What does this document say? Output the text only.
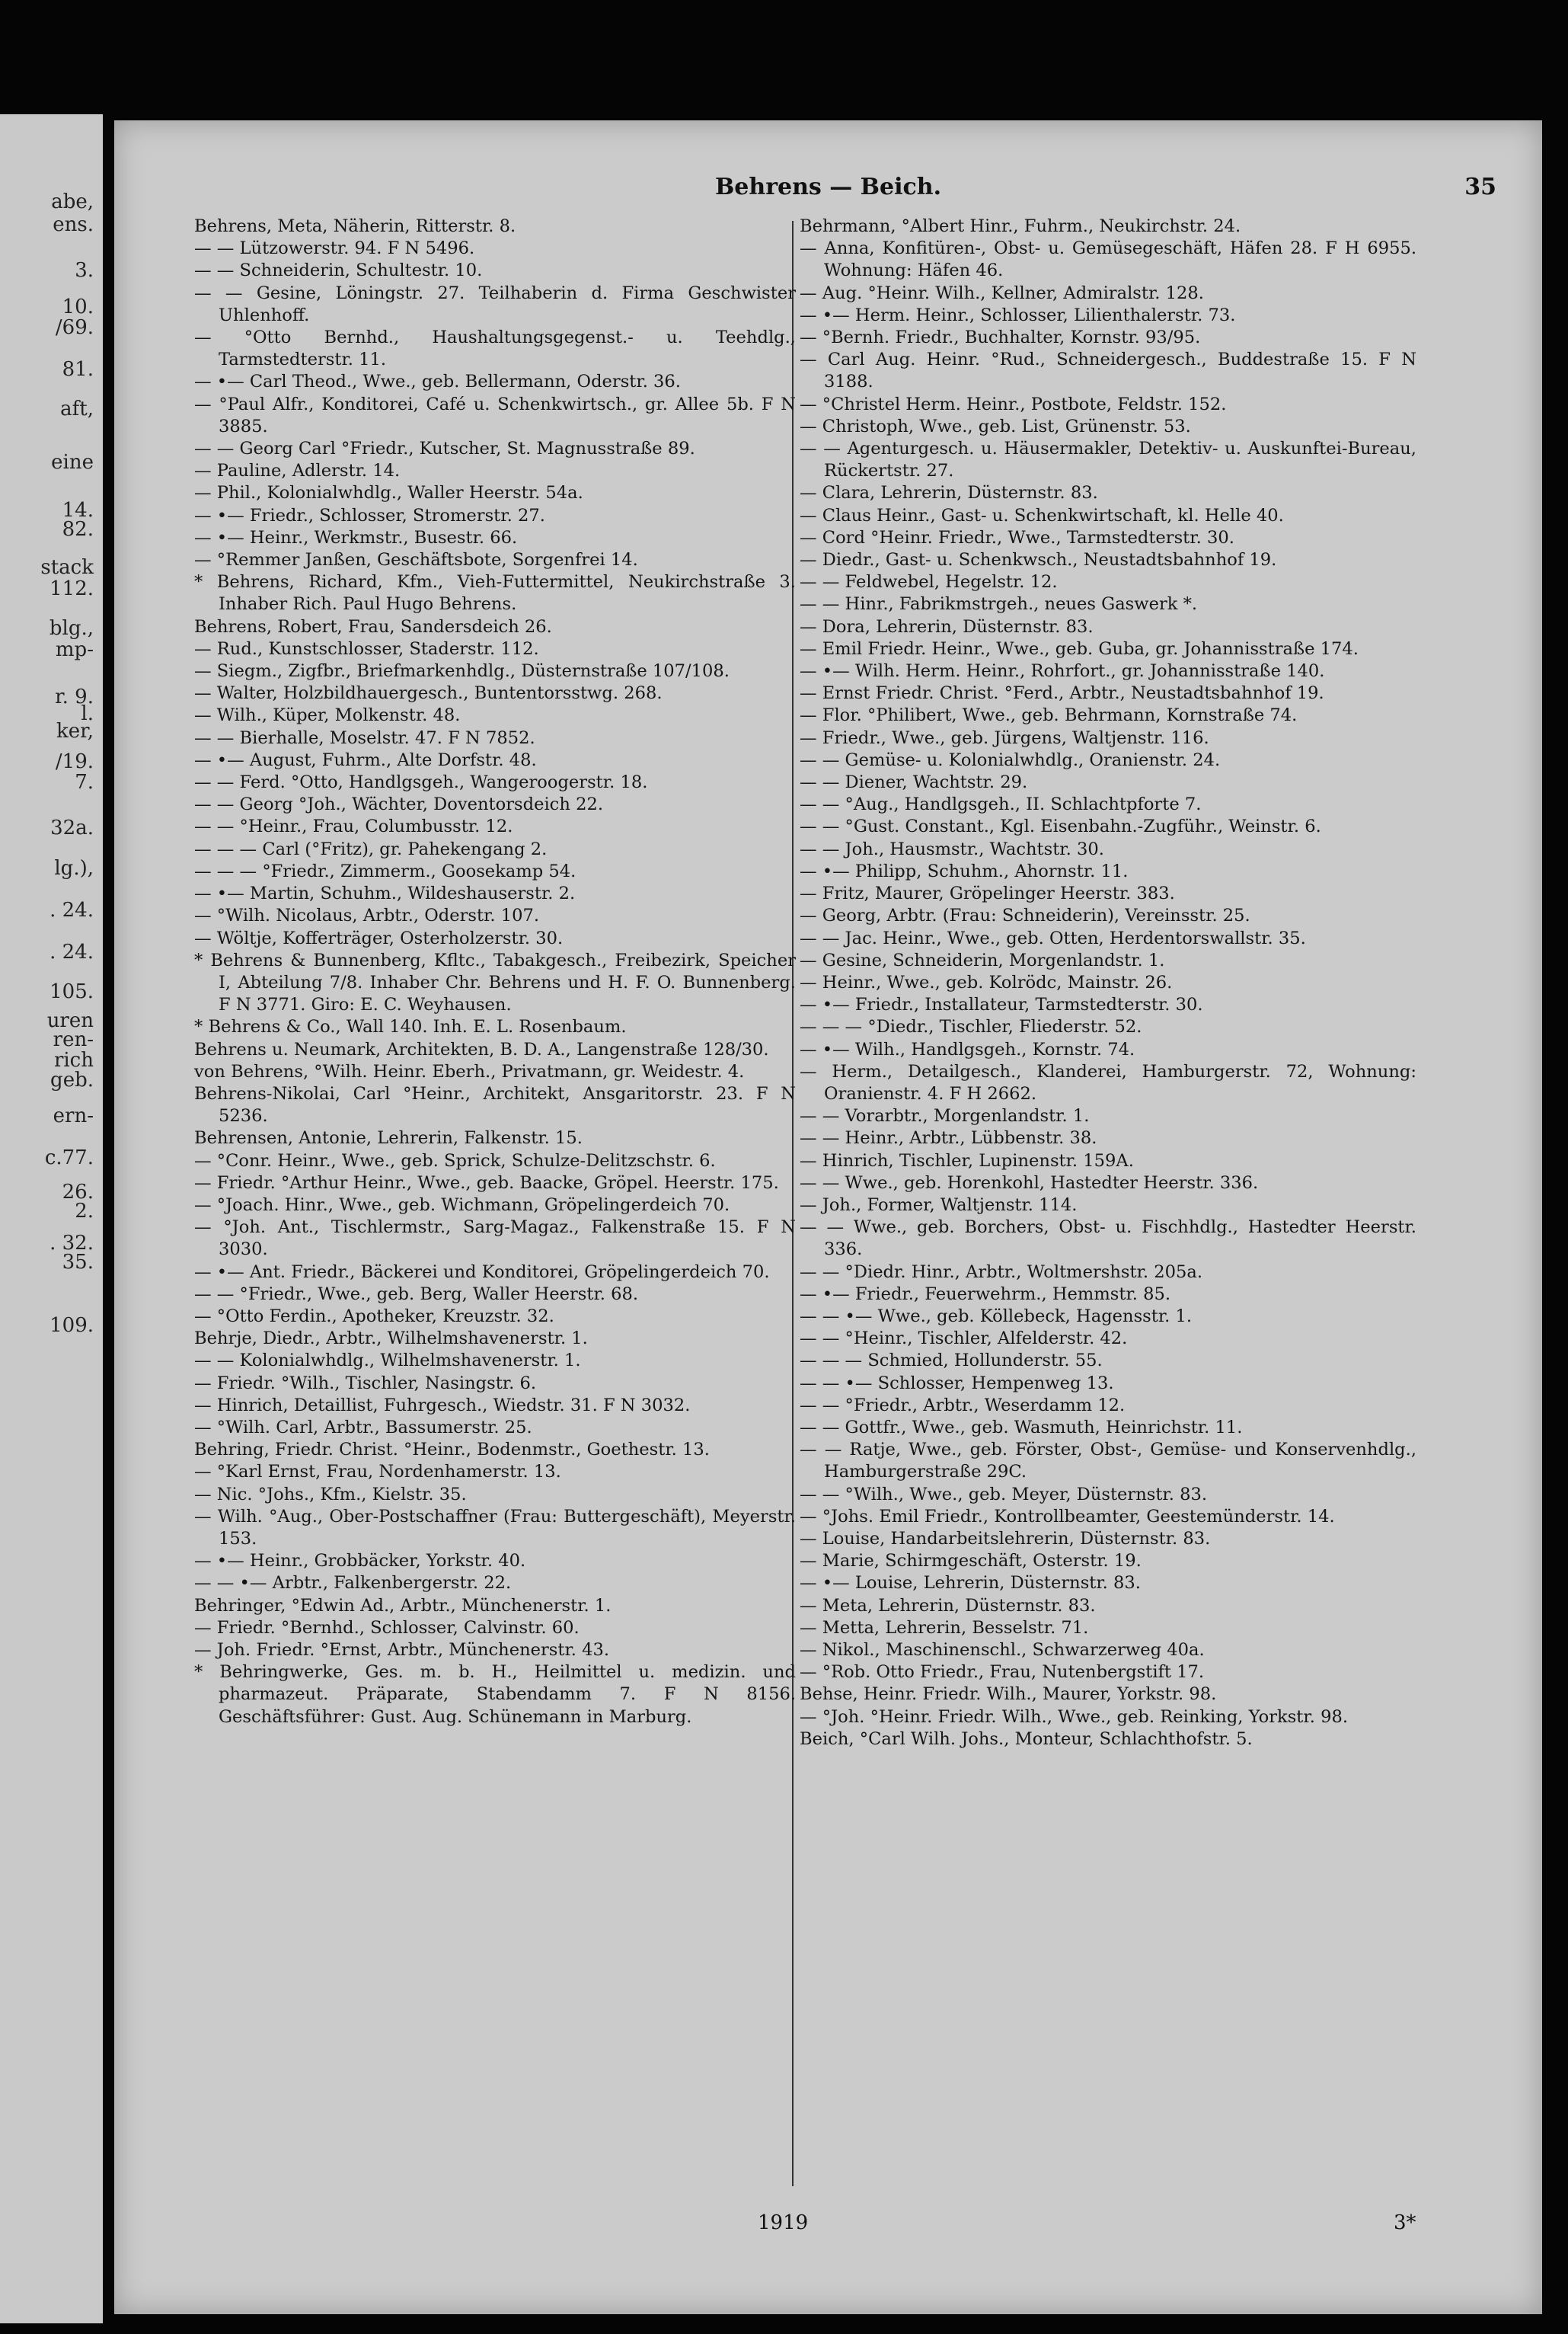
abe,
ens.
3.
10.
/69.
81.
aft,
eine
14.
82.
stack
112.
blg.,
mp-
r. 9.
l.
ker,
/19.
7.
32a.
lg.),
. 24.
. 24.
105.
uren
ren-
rich
geb.
ern-
c.77.
26.
2.
. 32.
35.
109.
Behrens — Beich.	35

Behrens, Meta, Näherin, Ritterstr. 8.

— — Lützowerstr. 94. F N 5496.

— — Schneiderin, Schultestr. 10.

— — Gesine, Löningstr. 27. Teilhaberin d. Firma Geschwister Uhlenhoff.

— °Otto Bernhd., Haushaltungsgegenst.- u. Teehdlg., Tarmstedterstr. 11.

— •— Carl Theod., Wwe., geb. Bellermann, Oderstr. 36.

— °Paul Alfr., Konditorei, Café u. Schenkwirtsch., gr. Allee 5b. F N 3885.

— — Georg Carl °Friedr., Kutscher, St. Magnusstraße 89.

— Pauline, Adlerstr. 14.

— Phil., Kolonialwhdlg., Waller Heerstr. 54a.

— •— Friedr., Schlosser, Stromerstr. 27.

— •— Heinr., Werkmstr., Busestr. 66.

— °Remmer Janßen, Geschäftsbote, Sorgenfrei 14.

* Behrens, Richard, Kfm., Vieh-Futtermittel, Neukirchstraße 3. Inhaber Rich. Paul Hugo Behrens.

Behrens, Robert, Frau, Sandersdeich 26.

— Rud., Kunstschlosser, Staderstr. 112.

— Siegm., Zigfbr., Briefmarkenhdlg., Düsternstraße 107/108.

— Walter, Holzbildhauergesch., Buntentorsstwg. 268.

— Wilh., Küper, Molkenstr. 48.

— — Bierhalle, Moselstr. 47. F N 7852.

— •— August, Fuhrm., Alte Dorfstr. 48.

— — Ferd. °Otto, Handlgsgeh., Wangeroogerstr. 18.

— — Georg °Joh., Wächter, Doventorsdeich 22.

— — °Heinr., Frau, Columbusstr. 12.

— — — Carl (°Fritz), gr. Pahekengang 2.

— — — °Friedr., Zimmerm., Goosekamp 54.

— •— Martin, Schuhm., Wildeshauserstr. 2.

— °Wilh. Nicolaus, Arbtr., Oderstr. 107.

— Wöltje, Kofferträger, Osterholzerstr. 30.

* Behrens & Bunnenberg, Kfltc., Tabakgesch., Freibezirk, Speicher I, Abteilung 7/8. Inhaber Chr. Behrens und H. F. O. Bunnenberg. F N 3771. Giro: E. C. Weyhausen.

* Behrens & Co., Wall 140. Inh. E. L. Rosenbaum.

Behrens u. Neumark, Architekten, B. D. A., Langenstraße 128/30.

von Behrens, °Wilh. Heinr. Eberh., Privatmann, gr. Weidestr. 4.

Behrens-Nikolai, Carl °Heinr., Architekt, Ansgaritorstr. 23. F N 5236.

Behrensen, Antonie, Lehrerin, Falkenstr. 15.

— °Conr. Heinr., Wwe., geb. Sprick, Schulze-Delitzschstr. 6.

— Friedr. °Arthur Heinr., Wwe., geb. Baacke, Gröpel. Heerstr. 175.

— °Joach. Hinr., Wwe., geb. Wichmann, Gröpelingerdeich 70.

— °Joh. Ant., Tischlermstr., Sarg-Magaz., Falkenstraße 15. F N 3030.

— •— Ant. Friedr., Bäckerei und Konditorei, Gröpelingerdeich 70.

— — °Friedr., Wwe., geb. Berg, Waller Heerstr. 68.

— °Otto Ferdin., Apotheker, Kreuzstr. 32.

Behrje, Diedr., Arbtr., Wilhelmshavenerstr. 1.

— — Kolonialwhdlg., Wilhelmshavenerstr. 1.

— Friedr. °Wilh., Tischler, Nasingstr. 6.

— Hinrich, Detaillist, Fuhrgesch., Wiedstr. 31. F N 3032.

— °Wilh. Carl, Arbtr., Bassumerstr. 25.

Behring, Friedr. Christ. °Heinr., Bodenmstr., Goethestr. 13.

— °Karl Ernst, Frau, Nordenhamerstr. 13.

— Nic. °Johs., Kfm., Kielstr. 35.

— Wilh. °Aug., Ober-Postschaffner (Frau: Buttergeschäft), Meyerstr. 153.

— •— Heinr., Grobbäcker, Yorkstr. 40.

— — •— Arbtr., Falkenbergerstr. 22.

Behringer, °Edwin Ad., Arbtr., Münchenerstr. 1.

— Friedr. °Bernhd., Schlosser, Calvinstr. 60.

— Joh. Friedr. °Ernst, Arbtr., Münchenerstr. 43.

* Behringwerke, Ges. m. b. H., Heilmittel u. medizin. und pharmazeut. Präparate, Stabendamm 7. F N 8156. Geschäftsführer: Gust. Aug. Schünemann in Marburg.

Behrmann, °Albert Hinr., Fuhrm., Neukirchstr. 24.

— Anna, Konfitüren-, Obst- u. Gemüsegeschäft, Häfen 28. F H 6955. Wohnung: Häfen 46.

— Aug. °Heinr. Wilh., Kellner, Admiralstr. 128.

— •— Herm. Heinr., Schlosser, Lilienthalerstr. 73.

— °Bernh. Friedr., Buchhalter, Kornstr. 93/95.

— Carl Aug. Heinr. °Rud., Schneidergesch., Buddestraße 15. F N 3188.

— °Christel Herm. Heinr., Postbote, Feldstr. 152.

— Christoph, Wwe., geb. List, Grünenstr. 53.

— — Agenturgesch. u. Häusermakler, Detektiv- u. Auskunftei-Bureau, Rückertstr. 27.

— Clara, Lehrerin, Düsternstr. 83.

— Claus Heinr., Gast- u. Schenkwirtschaft, kl. Helle 40.

— Cord °Heinr. Friedr., Wwe., Tarmstedterstr. 30.

— Diedr., Gast- u. Schenkwsch., Neustadtsbahnhof 19.

— — Feldwebel, Hegelstr. 12.

— — Hinr., Fabrikmstrgeh., neues Gaswerk *.

— Dora, Lehrerin, Düsternstr. 83.

— Emil Friedr. Heinr., Wwe., geb. Guba, gr. Johannisstraße 174.

— •— Wilh. Herm. Heinr., Rohrfort., gr. Johannisstraße 140.

— Ernst Friedr. Christ. °Ferd., Arbtr., Neustadtsbahnhof 19.

— Flor. °Philibert, Wwe., geb. Behrmann, Kornstraße 74.

— Friedr., Wwe., geb. Jürgens, Waltjenstr. 116.

— — Gemüse- u. Kolonialwhdlg., Oranienstr. 24.

— — Diener, Wachtstr. 29.

— — °Aug., Handlgsgeh., II. Schlachtpforte 7.

— — °Gust. Constant., Kgl. Eisenbahn.-Zugführ., Weinstr. 6.

— — Joh., Hausmstr., Wachtstr. 30.

— •— Philipp, Schuhm., Ahornstr. 11.

— Fritz, Maurer, Gröpelinger Heerstr. 383.

— Georg, Arbtr. (Frau: Schneiderin), Vereinsstr. 25.

— — Jac. Heinr., Wwe., geb. Otten, Herdentorswallstr. 35.

— Gesine, Schneiderin, Morgenlandstr. 1.

— Heinr., Wwe., geb. Kolrödc, Mainstr. 26.

— •— Friedr., Installateur, Tarmstedterstr. 30.

— — — °Diedr., Tischler, Fliederstr. 52.

— •— Wilh., Handlgsgeh., Kornstr. 74.

— Herm., Detailgesch., Klanderei, Hamburgerstr. 72, Wohnung: Oranienstr. 4. F H 2662.

— — Vorarbtr., Morgenlandstr. 1.

— — Heinr., Arbtr., Lübbenstr. 38.

— Hinrich, Tischler, Lupinenstr. 159A.

— — Wwe., geb. Horenkohl, Hastedter Heerstr. 336.

— Joh., Former, Waltjenstr. 114.

— — Wwe., geb. Borchers, Obst- u. Fischhdlg., Hastedter Heerstr. 336.

— — °Diedr. Hinr., Arbtr., Woltmershstr. 205a.

— •— Friedr., Feuerwehrm., Hemmstr. 85.

— — •— Wwe., geb. Köllebeck, Hagensstr. 1.

— — °Heinr., Tischler, Alfelderstr. 42.

— — — Schmied, Hollunderstr. 55.

— — •— Schlosser, Hempenweg 13.

— — °Friedr., Arbtr., Weserdamm 12.

— — Gottfr., Wwe., geb. Wasmuth, Heinrichstr. 11.

— — Ratje, Wwe., geb. Förster, Obst-, Gemüse- und Konservenhdlg., Hamburgerstraße 29C.

— — °Wilh., Wwe., geb. Meyer, Düsternstr. 83.

— °Johs. Emil Friedr., Kontrollbeamter, Geestemünderstr. 14.

— Louise, Handarbeitslehrerin, Düsternstr. 83.

— Marie, Schirmgeschäft, Osterstr. 19.

— •— Louise, Lehrerin, Düsternstr. 83.

— Meta, Lehrerin, Düsternstr. 83.

— Metta, Lehrerin, Besselstr. 71.

— Nikol., Maschinenschl., Schwarzerweg 40a.

— °Rob. Otto Friedr., Frau, Nutenbergstift 17.

Behse, Heinr. Friedr. Wilh., Maurer, Yorkstr. 98.

— °Joh. °Heinr. Friedr. Wilh., Wwe., geb. Reinking, Yorkstr. 98.

Beich, °Carl Wilh. Johs., Monteur, Schlachthofstr. 5.

1919	3*
